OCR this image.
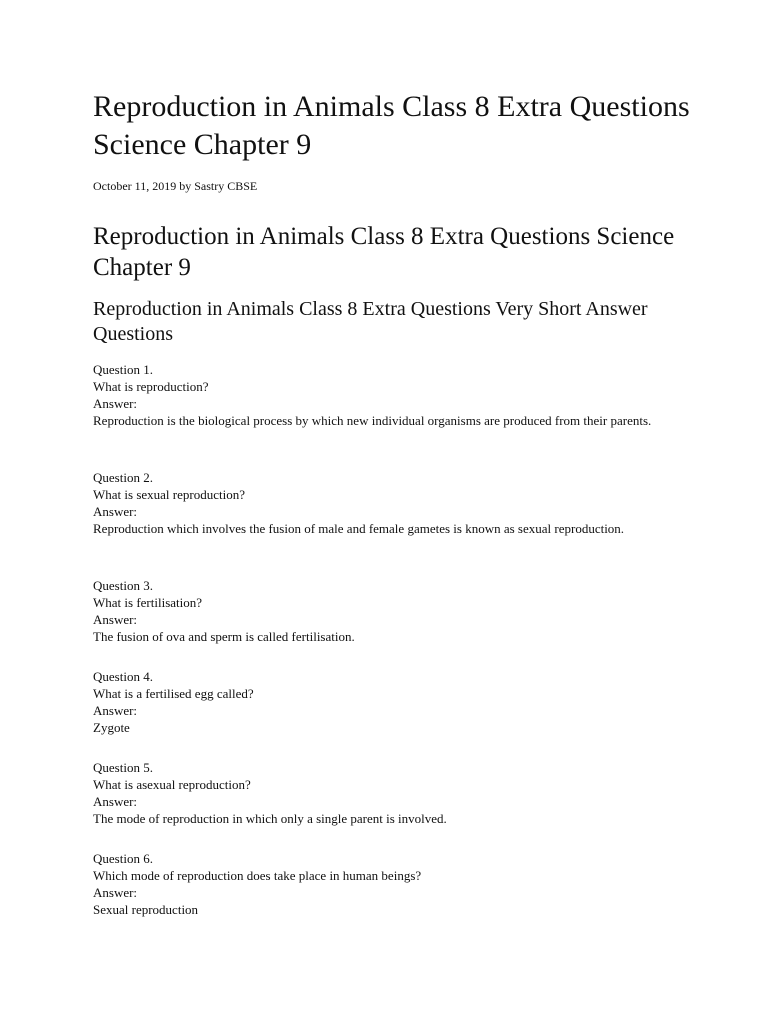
Reproduction in Animals Class 8 Extra Questions Science Chapter 9
October 11, 2019 by Sastry CBSE
Reproduction in Animals Class 8 Extra Questions Science Chapter 9
Reproduction in Animals Class 8 Extra Questions Very Short Answer Questions
Question 1.
What is reproduction?
Answer:
Reproduction is the biological process by which new individual organisms are produced from their parents.
Question 2.
What is sexual reproduction?
Answer:
Reproduction which involves the fusion of male and female gametes is known as sexual reproduction.
Question 3.
What is fertilisation?
Answer:
The fusion of ova and sperm is called fertilisation.
Question 4.
What is a fertilised egg called?
Answer:
Zygote
Question 5.
What is asexual reproduction?
Answer:
The mode of reproduction in which only a single parent is involved.
Question 6.
Which mode of reproduction does take place in human beings?
Answer:
Sexual reproduction
